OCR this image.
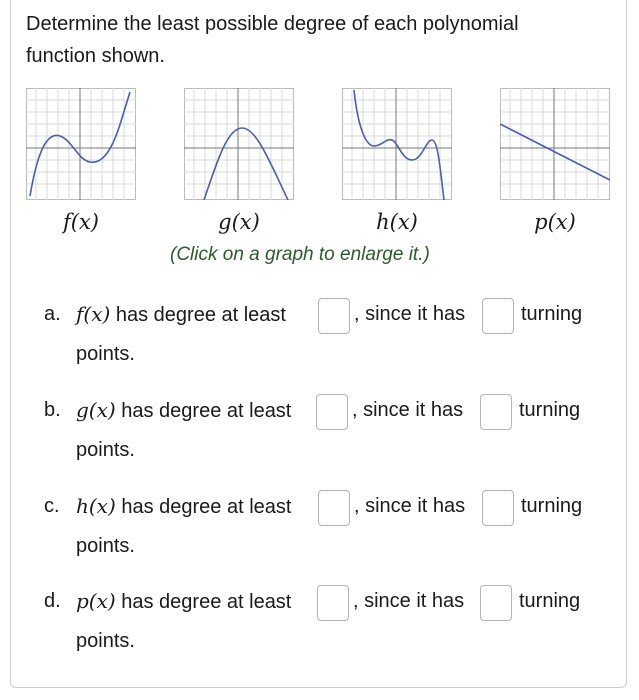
Determine the least possible degree of each polynomial function shown.
f(x)	g(x)	h(x)	p(x)
(Click on a graph to enlarge it.)
a. f(x) has degree at least	, since it has	turning
points.
b. g(x) has degree at least	, since it has	turning
points.
c. h(x) has degree at least	, since it has	turning
points.
d. p(x) has degree at least	, since it has	turning
points.
